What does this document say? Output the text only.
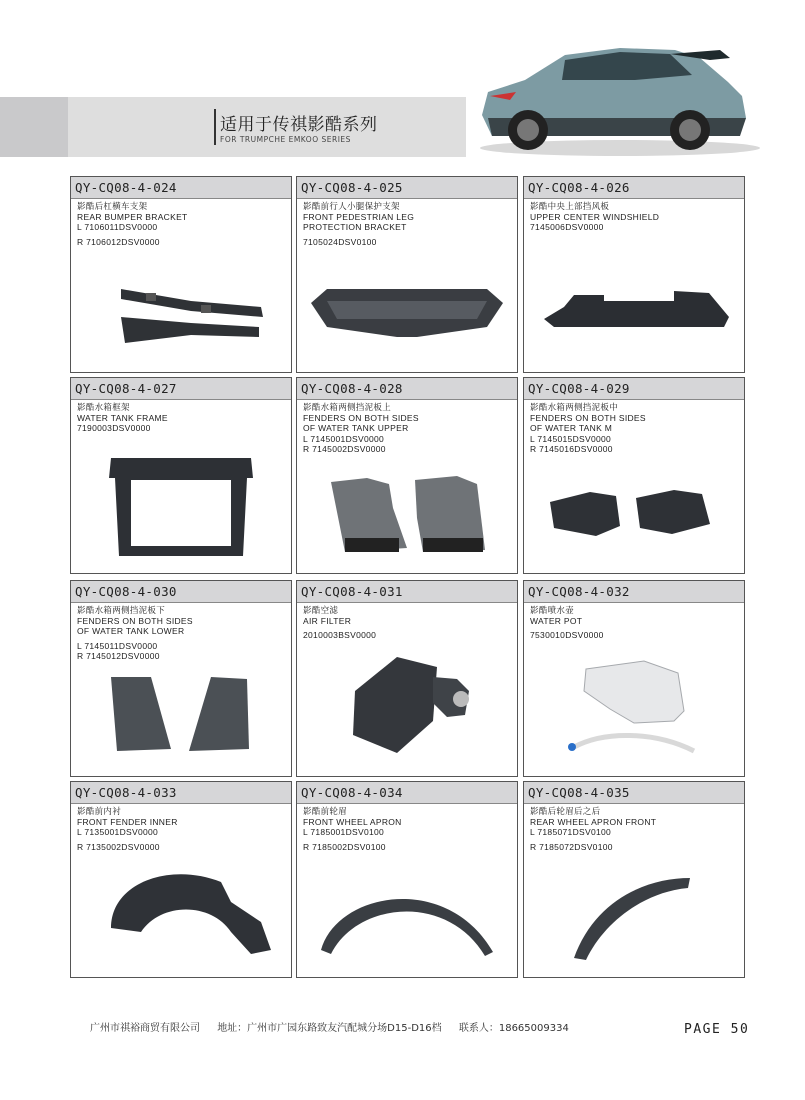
适用于传祺影酷系列
FOR TRUMPCHE EMKOO SERIES
QY-CQ08-4-024
影酷后杠横车支架
REAR BUMPER BRACKET
L 7106011DSV0000
R 7106012DSV0000
QY-CQ08-4-025
影酷前行人小腿保护支架
FRONT PEDESTRIAN LEG
PROTECTION BRACKET
7105024DSV0100
QY-CQ08-4-026
影酷中央上部挡风板
UPPER CENTER WINDSHIELD
7145006DSV0000
QY-CQ08-4-027
影酷水箱框架
WATER TANK FRAME
7190003DSV0000
QY-CQ08-4-028
影酷水箱两侧挡泥板上
FENDERS ON BOTH SIDES
OF WATER TANK UPPER
L 7145001DSV0000
R 7145002DSV0000
QY-CQ08-4-029
影酷水箱两侧挡泥板中
FENDERS ON BOTH SIDES
OF WATER TANK M
L 7145015DSV0000
R 7145016DSV0000
QY-CQ08-4-030
影酷水箱两侧挡泥板下
FENDERS ON BOTH SIDES
OF WATER TANK LOWER
L 7145011DSV0000
R 7145012DSV0000
QY-CQ08-4-031
影酷空滤
AIR FILTER
2010003BSV0000
QY-CQ08-4-032
影酷喷水壶
WATER POT
7530010DSV0000
QY-CQ08-4-033
影酷前内衬
FRONT FENDER INNER
L 7135001DSV0000
R 7135002DSV0000
QY-CQ08-4-034
影酷前轮眉
FRONT WHEEL APRON
L 7185001DSV0100
R 7185002DSV0100
QY-CQ08-4-035
影酷后轮眉后之后
REAR WHEEL APRON FRONT
L 7185071DSV0100
R 7185072DSV0100
广州市祺裕商贸有限公司 地址：广州市广园东路致友汽配城分场D15-D16档 联系人：18665009334	PAGE 50
